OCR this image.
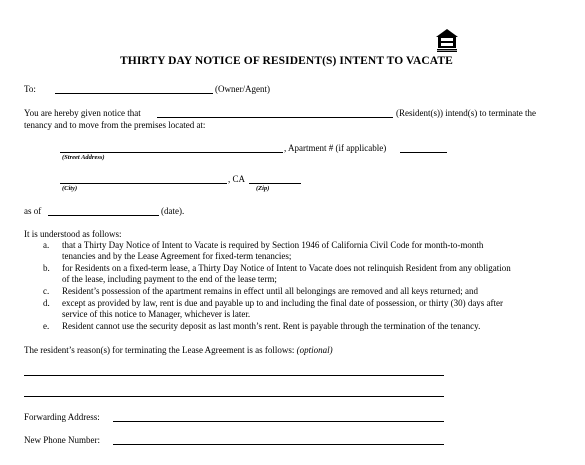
THIRTY DAY NOTICE OF RESIDENT(S) INTENT TO VACATE
To:	(Owner/Agent)
You are hereby given notice that	(Resident(s)) intend(s) to terminate the
tenancy and to move from the premises located at:
, Apartment # (if applicable)
(Street Address)
, CA
(City)	(Zip)
as of	(date).
It is understood as follows:
a. that a Thirty Day Notice of Intent to Vacate is required by Section 1946 of California Civil Code for month-to-month
tenancies and by the Lease Agreement for fixed-term tenancies;
b. for Residents on a fixed-term lease, a Thirty Day Notice of Intent to Vacate does not relinquish Resident from any obligation
of the lease, including payment to the end of the lease term;
c. Resident’s possession of the apartment remains in effect until all belongings are removed and all keys returned; and
d. except as provided by law, rent is due and payable up to and including the final date of possession, or thirty (30) days after
service of this notice to Manager, whichever is later.
e. Resident cannot use the security deposit as last month’s rent. Rent is payable through the termination of the tenancy.
The resident’s reason(s) for terminating the Lease Agreement is as follows: (optional)
Forwarding Address:
New Phone Number:
